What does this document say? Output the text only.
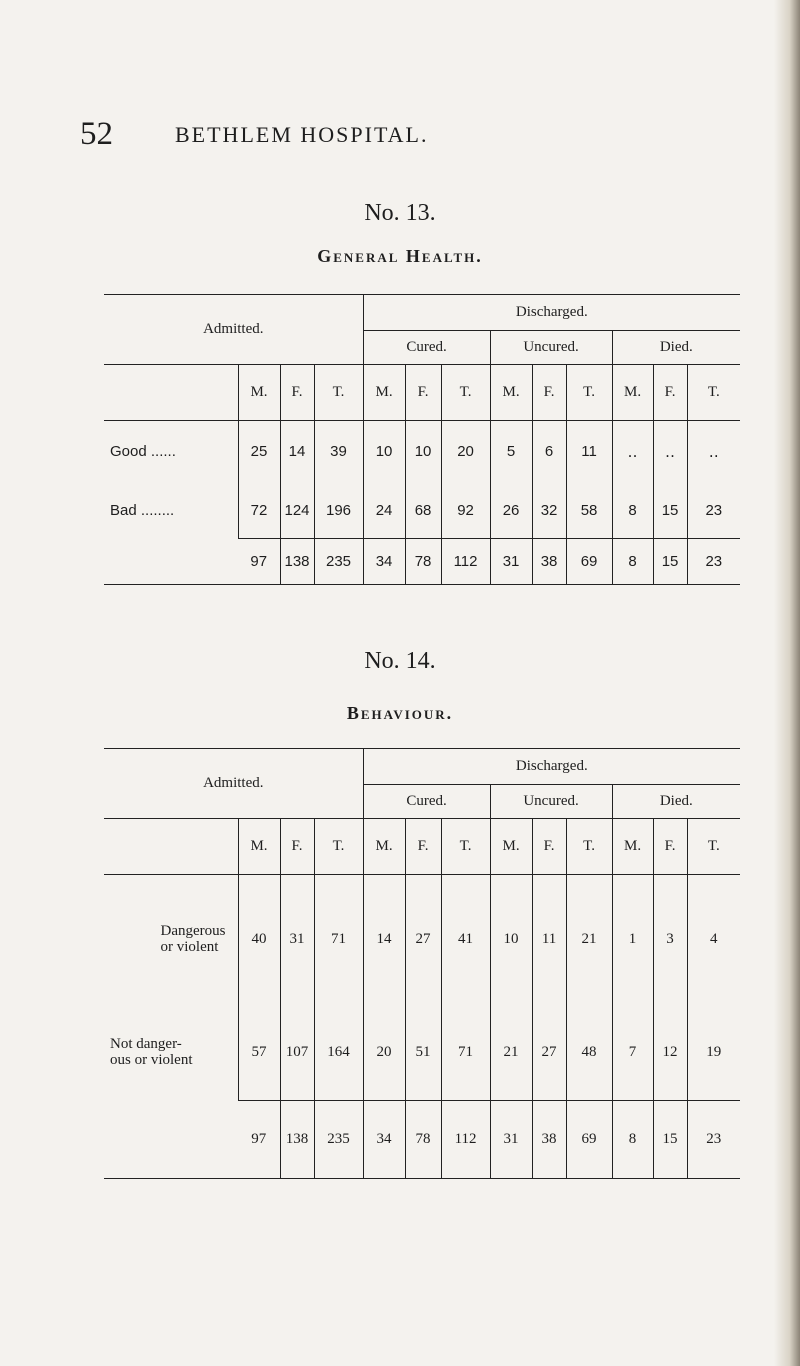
52	BETHLEM HOSPITAL.
No. 13.
General Health.
Admitted.				Discharged.								
				Cured.			Uncured.			Died.		
	M.	F.	T.	M.	F.	T.	M.	F.	T.	M.	F.	T.
Good ......	25	14	39	10	10	20	5	6	11	‥	‥	‥
Bad ........	72	124	196	24	68	92	26	32	58	8	15	23
	97	138	235	34	78	112	31	38	69	8	15	23
No. 14.
Behaviour.
Admitted.				Discharged.								
				Cured.			Uncured.			Died.		
	M.	F.	T.	M.	F.	T.	M.	F.	T.	M.	F.	T.
Dangerous
or violent	40	31	71	14	27	41	10	11	21	1	3	4
Not danger-
ous or violent	57	107	164	20	51	71	21	27	48	7	12	19
	97	138	235	34	78	112	31	38	69	8	15	23
